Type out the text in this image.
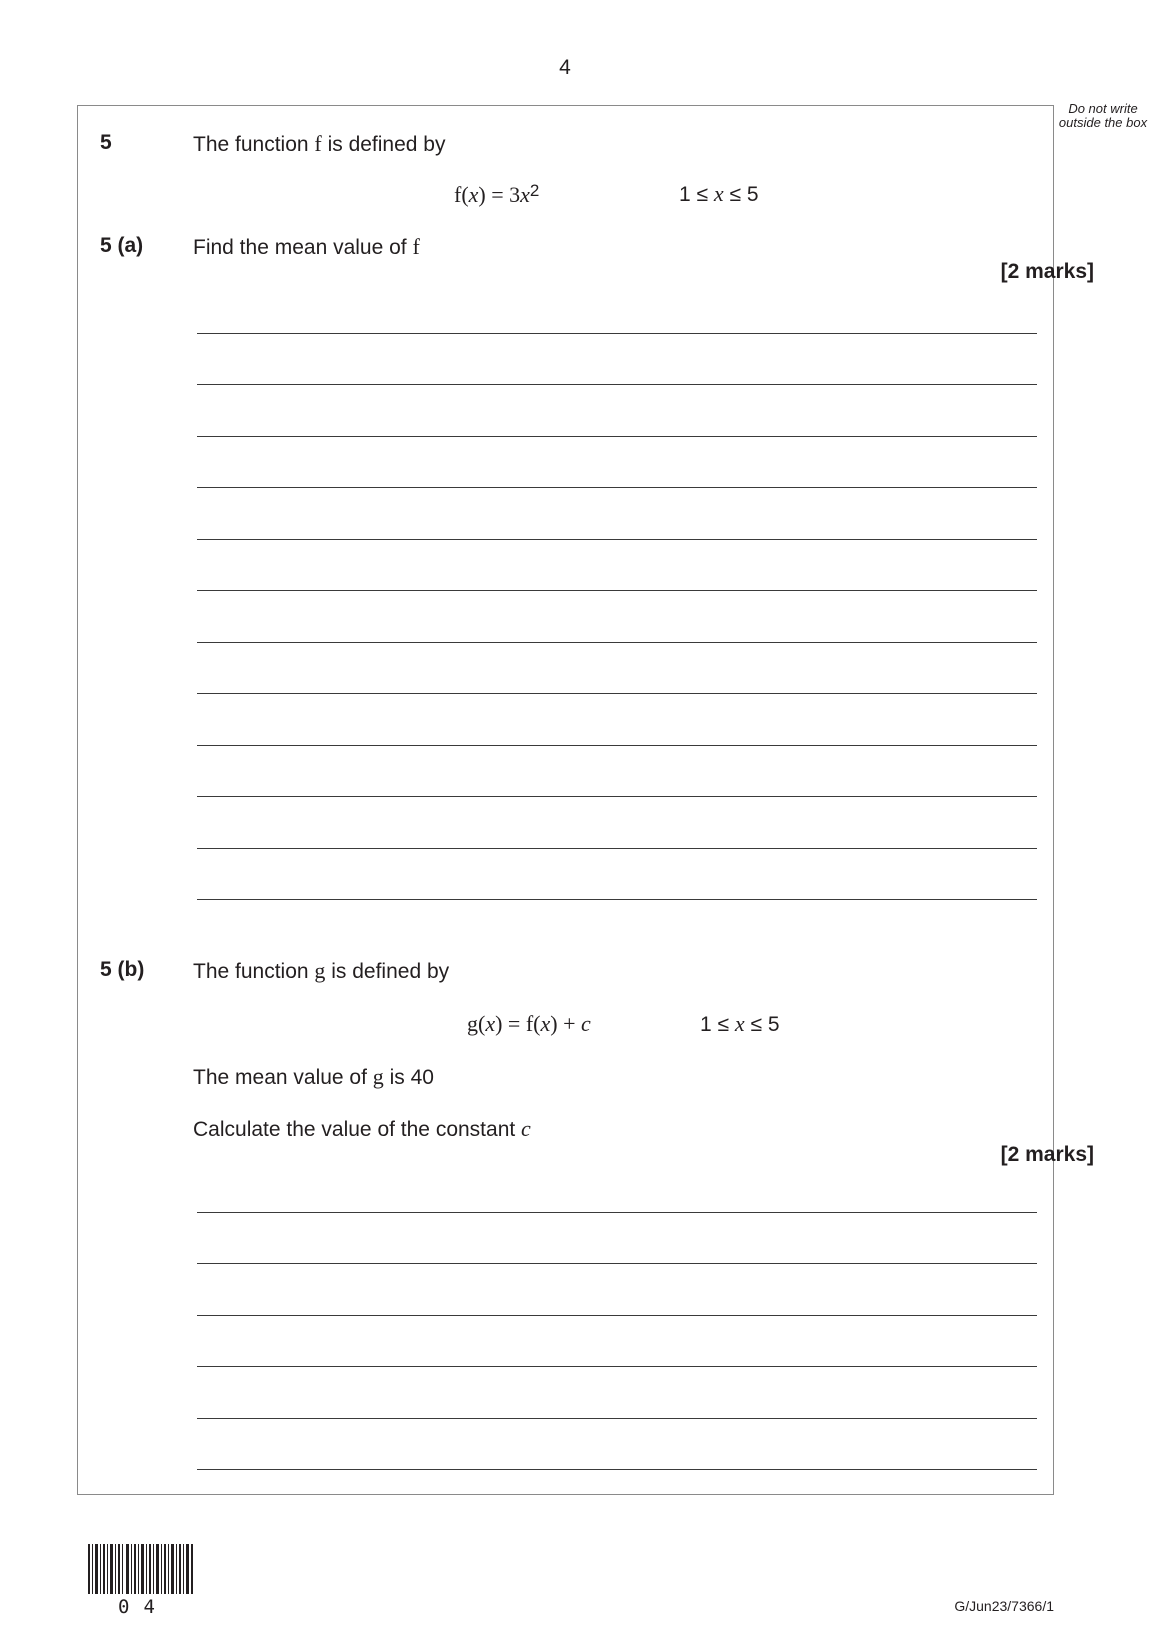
4
Do not write outside the box
5	The function f is defined by
$f(x) = 3x^2$	1 ≤ x ≤ 5
5 (a) Find the mean value of f
[2 marks]
5 (b) The function g is defined by
g(x) = f(x) + c	1 ≤ x ≤ 5
The mean value of g is 40
Calculate the value of the constant c
[2 marks]
04	G/Jun23/7366/1
